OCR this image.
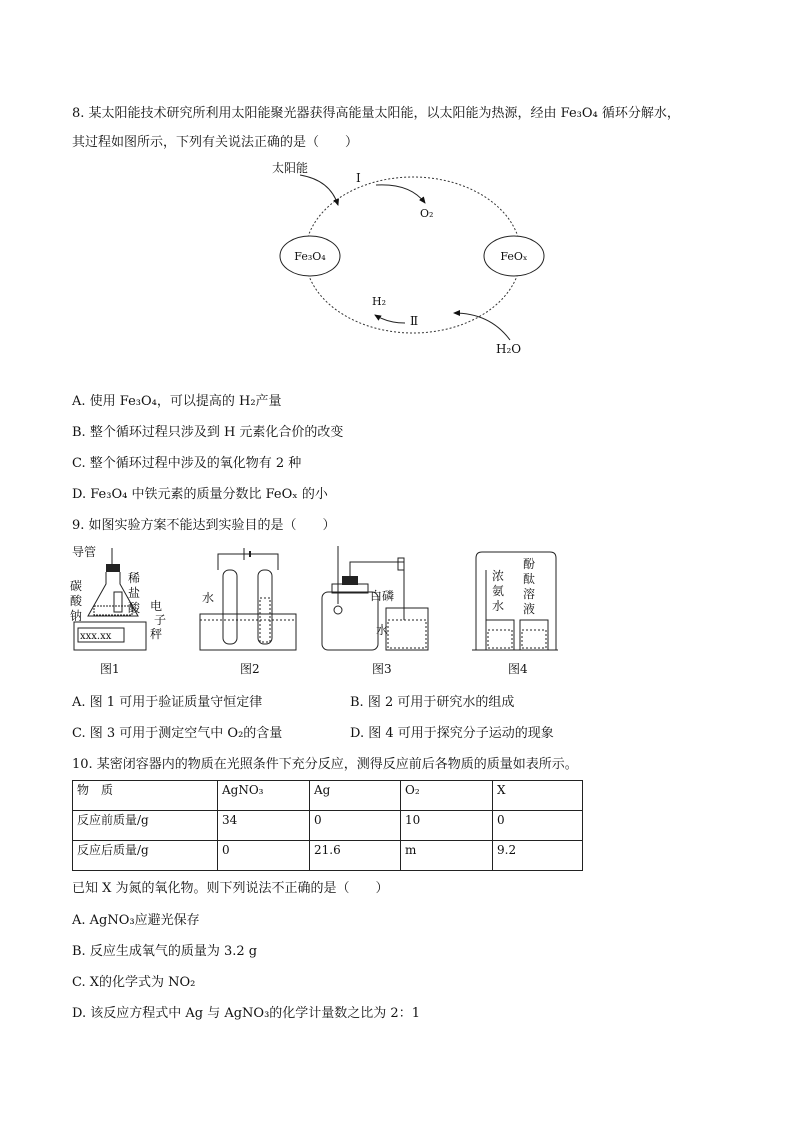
8. 某太阳能技术研究所利用太阳能聚光器获得高能量太阳能，以太阳能为热源，经由 Fe₃O₄ 循环分解水，
其过程如图所示，下列有关说法正确的是（　　）
Fe₃O₄	FeOₓ
太阳能
I
O₂
H₂
Ⅱ
H₂O
A. 使用 Fe₃O₄，可以提高的 H₂产量
B. 整个循环过程只涉及到 H 元素化合价的改变
C. 整个循环过程中涉及的氧化物有 2 种
D. Fe₃O₄ 中铁元素的质量分数比 FeOₓ 的小
9. 如图实验方案不能达到实验目的是（　　）
导管
碳
酸
钠
稀
盐
酸 电
子
秤
xxx.xx
图1
水
图2
白磷
水
图3
浓
氨
水
酚
酞
溶
液
图4
A. 图 1 可用于验证质量守恒定律	B. 图 2 可用于研究水的组成
C. 图 3 可用于测定空气中 O₂的含量	D. 图 4 可用于探究分子运动的现象
10. 某密闭容器内的物质在光照条件下充分反应，测得反应前后各物质的质量如表所示。
物　质	AgNO₃	Ag	O₂	X
反应前质量/g	34	0	10	0
反应后质量/g	0	21.6	m	9.2
已知 X 为氮的氧化物。则下列说法不正确的是（　　）
A. AgNO₃应避光保存
B. 反应生成氧气的质量为 3.2 g
C. X的化学式为 NO₂
D. 该反应方程式中 Ag 与 AgNO₃的化学计量数之比为 2：1
